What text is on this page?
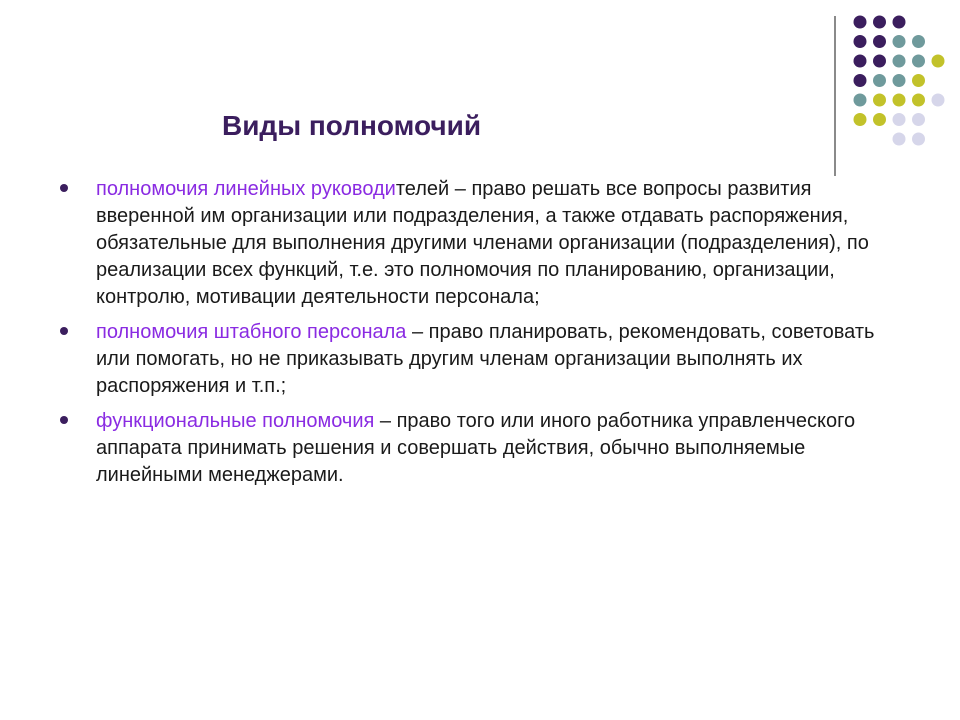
Виды полномочий

полномочия линейных руководителей – право решать все вопросы развития вверенной им организации или подразделения, а также отдавать распоряжения, обязательные для выполнения другими членами организации (подразделения), по реализации всех функций, т.е. это полномочия по планированию, организации, контролю, мотивации деятельности персонала;

полномочия штабного персонала – право планировать, рекомендовать, советовать или помогать, но не приказывать другим членам организации выполнять их распоряжения и т.п.;

функциональные полномочия – право того или иного работника управленческого аппарата принимать решения и совершать действия, обычно выполняемые линейными менеджерами.
